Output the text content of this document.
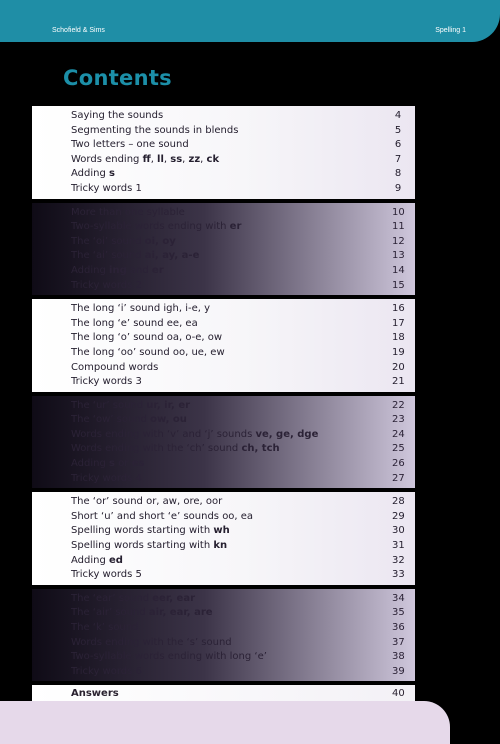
Schofield & Sims	Spelling 1
Contents
Saying the sounds	4
Segmenting the sounds in blends	5
Two letters – one sound	6
Words ending ff, ll, ss, zz, ck	7
Adding s	8
Tricky words 1	9
More than one syllable	10
Two-syllable words ending with er	11
The ‘oi’ sound oi, oy	12
The ‘ai’ sound ai, ay, a-e	13
Adding ing and er	14
Tricky words 2	15
The long ‘i’ sound igh, i-e, y	16
The long ‘e’ sound ee, ea	17
The long ‘o’ sound oa, o-e, ow	18
The long ‘oo’ sound oo, ue, ew	19
Compound words	20
Tricky words 3	21
The ‘ur’ sound ur, ir, er	22
The ‘ow’ sound ow, ou	23
Words ending with ‘v’ and ‘j’ sounds ve, ge, dge	24
Words ending with the ‘ch’ sound ch, tch	25
Adding s or es	26
Tricky words 4	27
The ‘or’ sound or, aw, ore, oor	28
Short ‘u’ and short ‘e’ sounds oo, ea	29
Spelling words starting with wh	30
Spelling words starting with kn	31
Adding ed	32
Tricky words 5	33
The ‘ear’ sound eer, ear	34
The ‘air’ sound air, ear, are	35
The ‘k’ sound	36
Words ending with the ‘s’ sound	37
Two-syllable words ending with long ‘e’	38
Tricky words 6	39
Answers	40
